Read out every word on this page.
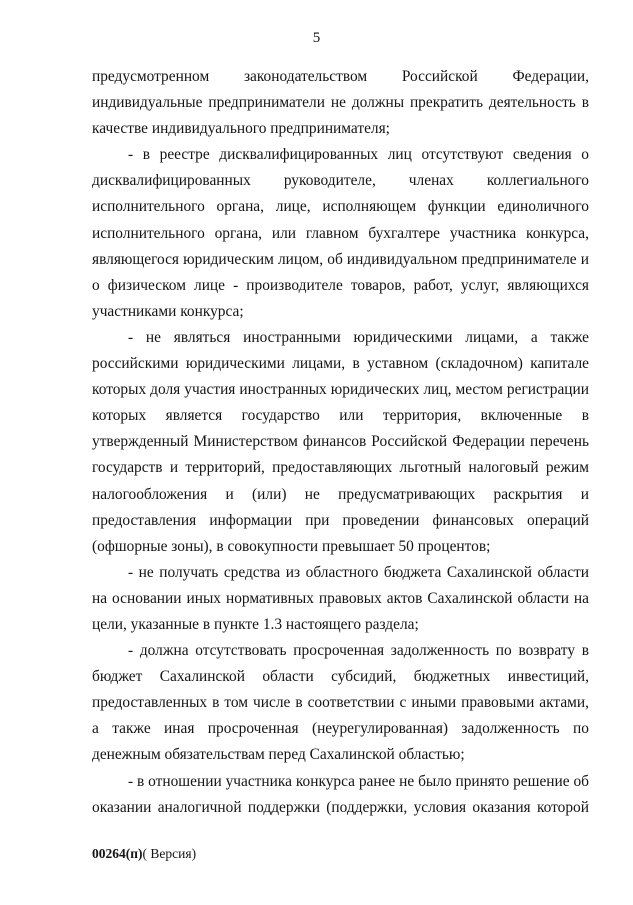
5

предусмотренном законодательством Российской Федерации, индивидуальные предприниматели не должны прекратить деятельность в качестве индивидуального предпринимателя;

- в реестре дисквалифицированных лиц отсутствуют сведения о дисквалифицированных руководителе, членах коллегиального исполнительного органа, лице, исполняющем функции единоличного исполнительного органа, или главном бухгалтере участника конкурса, являющегося юридическим лицом, об индивидуальном предпринимателе и о физическом лице - производителе товаров, работ, услуг, являющихся участниками конкурса;

- не являться иностранными юридическими лицами, а также российскими юридическими лицами, в уставном (складочном) капитале которых доля участия иностранных юридических лиц, местом регистрации которых является государство или территория, включенные в утвержденный Министерством финансов Российской Федерации перечень государств и территорий, предоставляющих льготный налоговый режим налогообложения и (или) не предусматривающих раскрытия и предоставления информации при проведении финансовых операций (офшорные зоны), в совокупности превышает 50 процентов;

- не получать средства из областного бюджета Сахалинской области на основании иных нормативных правовых актов Сахалинской области на цели, указанные в пункте 1.3 настоящего раздела;

- должна отсутствовать просроченная задолженность по возврату в бюджет Сахалинской области субсидий, бюджетных инвестиций, предоставленных в том числе в соответствии с иными правовыми актами, а также иная просроченная (неурегулированная) задолженность по денежным обязательствам перед Сахалинской областью;

- в отношении участника конкурса ранее не было принято решение об оказании аналогичной поддержки (поддержки, условия оказания которой

00264(п)( Версия)
